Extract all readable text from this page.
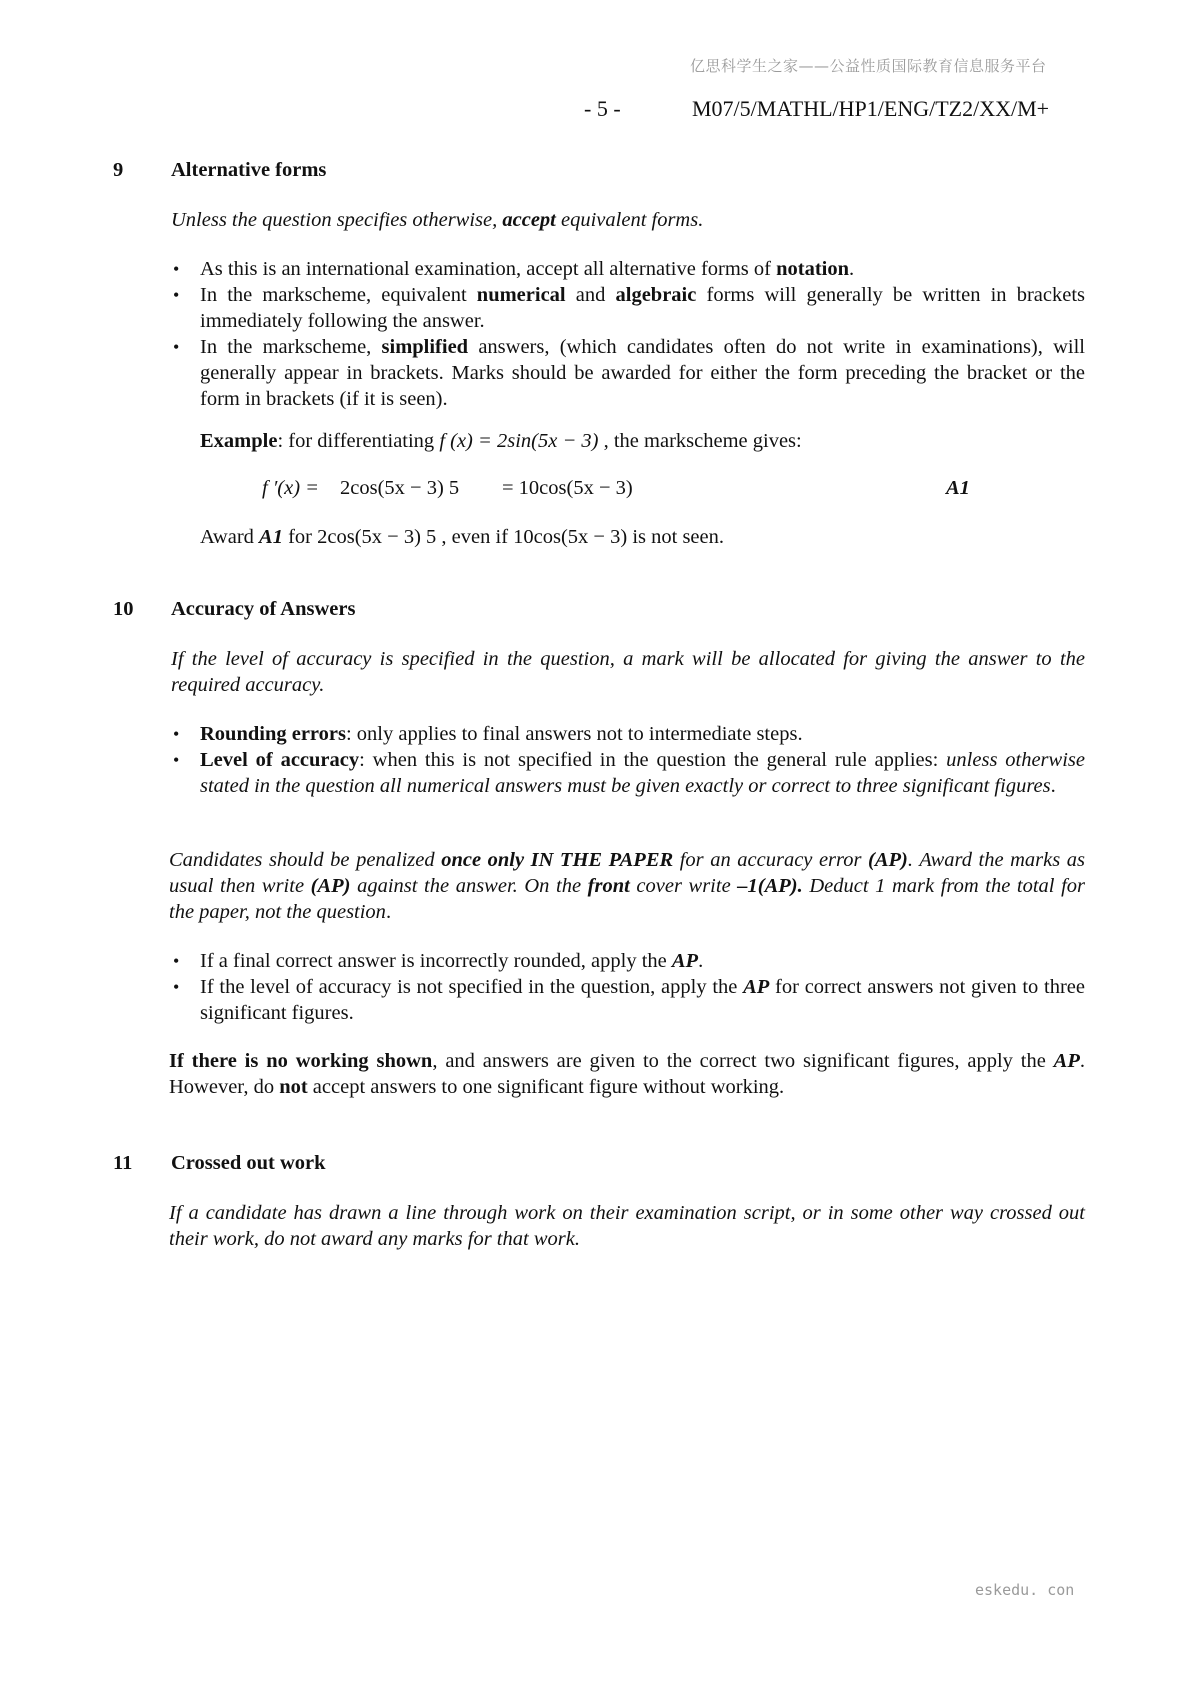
亿思科学生之家——公益性质国际教育信息服务平台
- 5 -	M07/5/MATHL/HP1/ENG/TZ2/XX/M+
9 Alternative forms
Unless the question specifies otherwise, accept equivalent forms.
• As this is an international examination, accept all alternative forms of notation.
• In the markscheme, equivalent numerical and algebraic forms will generally be written in brackets immediately following the answer.
• In the markscheme, simplified answers, (which candidates often do not write in examinations), will generally appear in brackets. Marks should be awarded for either the form preceding the bracket or the form in brackets (if it is seen).
Example: for differentiating f (x) = 2sin(5x − 3) , the markscheme gives:
f ′(x) = 2cos(5x − 3) 5 = 10cos(5x − 3)	A1
Award A1 for 2cos(5x − 3) 5 , even if 10cos(5x − 3) is not seen.
10 Accuracy of Answers
If the level of accuracy is specified in the question, a mark will be allocated for giving the answer to the required accuracy.
• Rounding errors: only applies to final answers not to intermediate steps.
• Level of accuracy: when this is not specified in the question the general rule applies: unless otherwise stated in the question all numerical answers must be given exactly or correct to three significant figures.
Candidates should be penalized once only IN THE PAPER for an accuracy error (AP). Award the marks as usual then write (AP) against the answer. On the front cover write –1(AP). Deduct 1 mark from the total for the paper, not the question.
• If a final correct answer is incorrectly rounded, apply the AP.
• If the level of accuracy is not specified in the question, apply the AP for correct answers not given to three significant figures.
If there is no working shown, and answers are given to the correct two significant figures, apply the AP. However, do not accept answers to one significant figure without working.
11 Crossed out work
If a candidate has drawn a line through work on their examination script, or in some other way crossed out their work, do not award any marks for that work.
eskedu. con
